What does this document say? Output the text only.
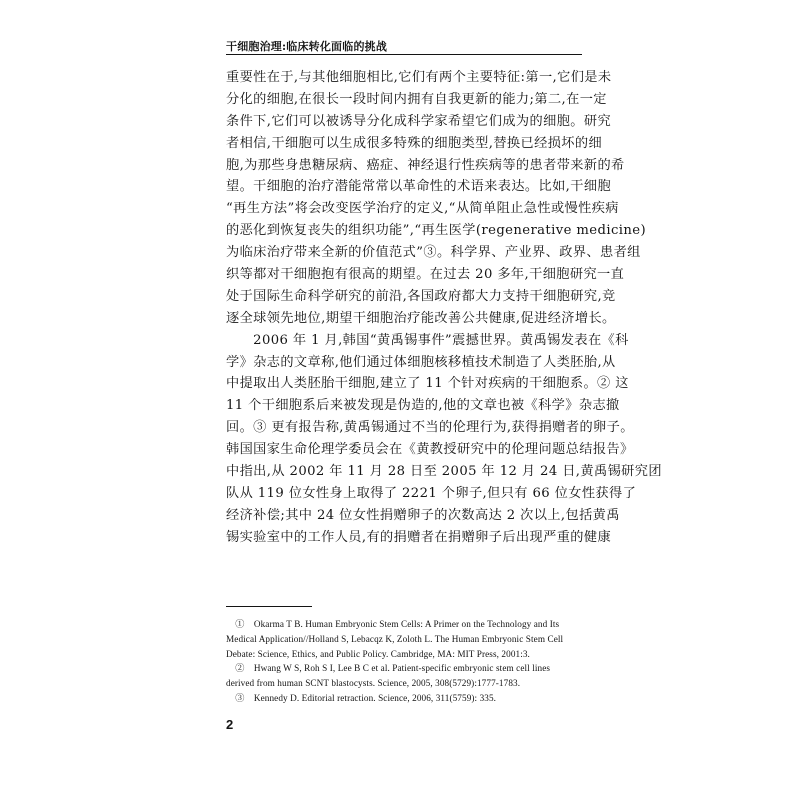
干细胞治理:临床转化面临的挑战
重要性在于,与其他细胞相比,它们有两个主要特征:第一,它们是未
分化的细胞,在很长一段时间内拥有自我更新的能力;第二,在一定
条件下,它们可以被诱导分化成科学家希望它们成为的细胞。研究
者相信,干细胞可以生成很多特殊的细胞类型,替换已经损坏的细
胞,为那些身患糖尿病、癌症、神经退行性疾病等的患者带来新的希
望。干细胞的治疗潜能常常以革命性的术语来表达。比如,干细胞
“再生方法”将会改变医学治疗的定义,“从简单阻止急性或慢性疾病
的恶化到恢复丧失的组织功能”,“再生医学(regenerative medicine)
为临床治疗带来全新的价值范式”③。科学界、产业界、政界、患者组
织等都对干细胞抱有很高的期望。在过去 20 多年,干细胞研究一直
处于国际生命科学研究的前沿,各国政府都大力支持干细胞研究,竞
逐全球领先地位,期望干细胞治疗能改善公共健康,促进经济增长。
　　2006 年 1 月,韩国“黄禹锡事件”震撼世界。黄禹锡发表在《科
学》杂志的文章称,他们通过体细胞核移植技术制造了人类胚胎,从
中提取出人类胚胎干细胞,建立了 11 个针对疾病的干细胞系。② 这
11 个干细胞系后来被发现是伪造的,他的文章也被《科学》杂志撤
回。③ 更有报告称,黄禹锡通过不当的伦理行为,获得捐赠者的卵子。
韩国国家生命伦理学委员会在《黄教授研究中的伦理问题总结报告》
中指出,从 2002 年 11 月 28 日至 2005 年 12 月 24 日,黄禹锡研究团
队从 119 位女性身上取得了 2221 个卵子,但只有 66 位女性获得了
经济补偿;其中 24 位女性捐赠卵子的次数高达 2 次以上,包括黄禹
锡实验室中的工作人员,有的捐赠者在捐赠卵子后出现严重的健康
　①　Okarma T B. Human Embryonic Stem Cells: A Primer on the Technology and Its
Medical Application//Holland S, Lebacqz K, Zoloth L. The Human Embryonic Stem Cell
Debate: Science, Ethics, and Public Policy. Cambridge, MA: MIT Press, 2001:3.
　②　Hwang W S, Roh S I, Lee B C et al. Patient-specific embryonic stem cell lines
derived from human SCNT blastocysts. Science, 2005, 308(5729):1777-1783.
　③　Kennedy D. Editorial retraction. Science, 2006, 311(5759): 335.
2
